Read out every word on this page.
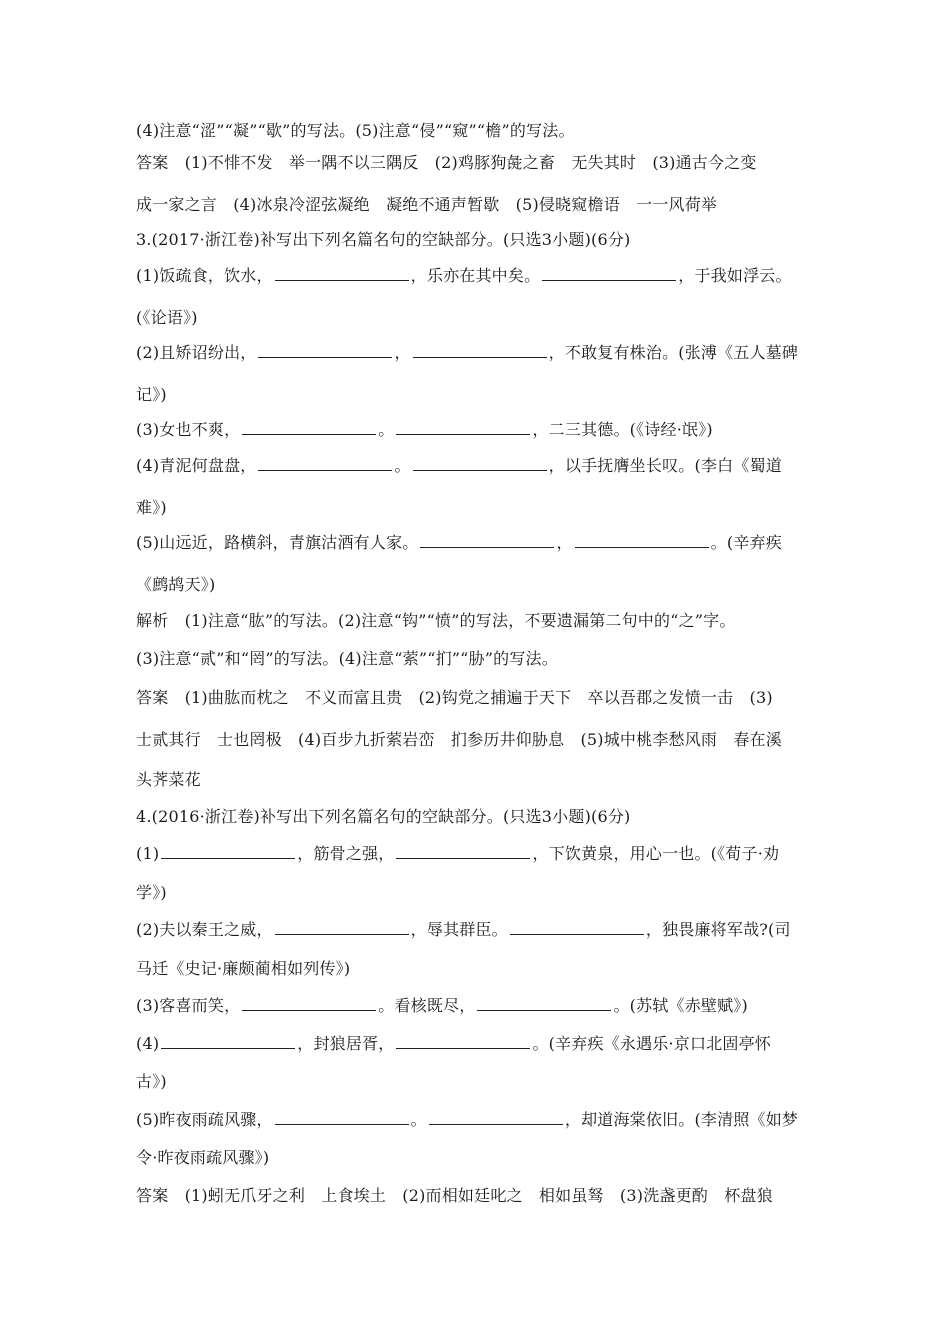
(4)注意“涩”“凝”“歇”的写法。(5)注意“侵”“窥”“檐”的写法。
答案　(1)不悱不发　举一隅不以三隅反　(2)鸡豚狗彘之畜　无失其时　(3)通古今之变
成一家之言　(4)冰泉冷涩弦凝绝　凝绝不通声暂歇　(5)侵晓窥檐语　一一风荷举
3.(2017·浙江卷)补写出下列名篇名句的空缺部分。(只选3小题)(6分)
(1)饭疏食，饮水，	，乐亦在其中矣。	，于我如浮云。
(《论语》)
(2)且矫诏纷出，	，	，不敢复有株治。(张溥《五人墓碑
记》)
(3)女也不爽，	。	，二三其德。(《诗经·氓》)
(4)青泥何盘盘，	。	，以手抚膺坐长叹。(李白《蜀道
难》)
(5)山远近，路横斜，青旗沽酒有人家。	，	。(辛弃疾
《鹧鸪天》)
解析　(1)注意“肱”的写法。(2)注意“钩”“愤”的写法，不要遗漏第二句中的“之”字。
(3)注意“贰”和“罔”的写法。(4)注意“萦”“扪”“胁”的写法。
答案　(1)曲肱而枕之　不义而富且贵　(2)钩党之捕遍于天下　卒以吾郡之发愤一击　(3)
士贰其行　士也罔极　(4)百步九折萦岩峦　扪参历井仰胁息　(5)城中桃李愁风雨　春在溪
头荠菜花
4.(2016·浙江卷)补写出下列名篇名句的空缺部分。(只选3小题)(6分)
(1)	，筋骨之强，	，下饮黄泉，用心一也。(《荀子·劝
学》)
(2)夫以秦王之威，	，辱其群臣。	，独畏廉将军哉?(司
马迁《史记·廉颇蔺相如列传》)
(3)客喜而笑，	。看核既尽，	。(苏轼《赤壁赋》)
(4)	，封狼居胥，	。(辛弃疾《永遇乐·京口北固亭怀
古》)
(5)昨夜雨疏风骤，	。	，却道海棠依旧。(李清照《如梦
令·昨夜雨疏风骤》)
答案　(1)蚓无爪牙之利　上食埃土　(2)而相如廷叱之　相如虽驽　(3)洗盏更酌　杯盘狼
